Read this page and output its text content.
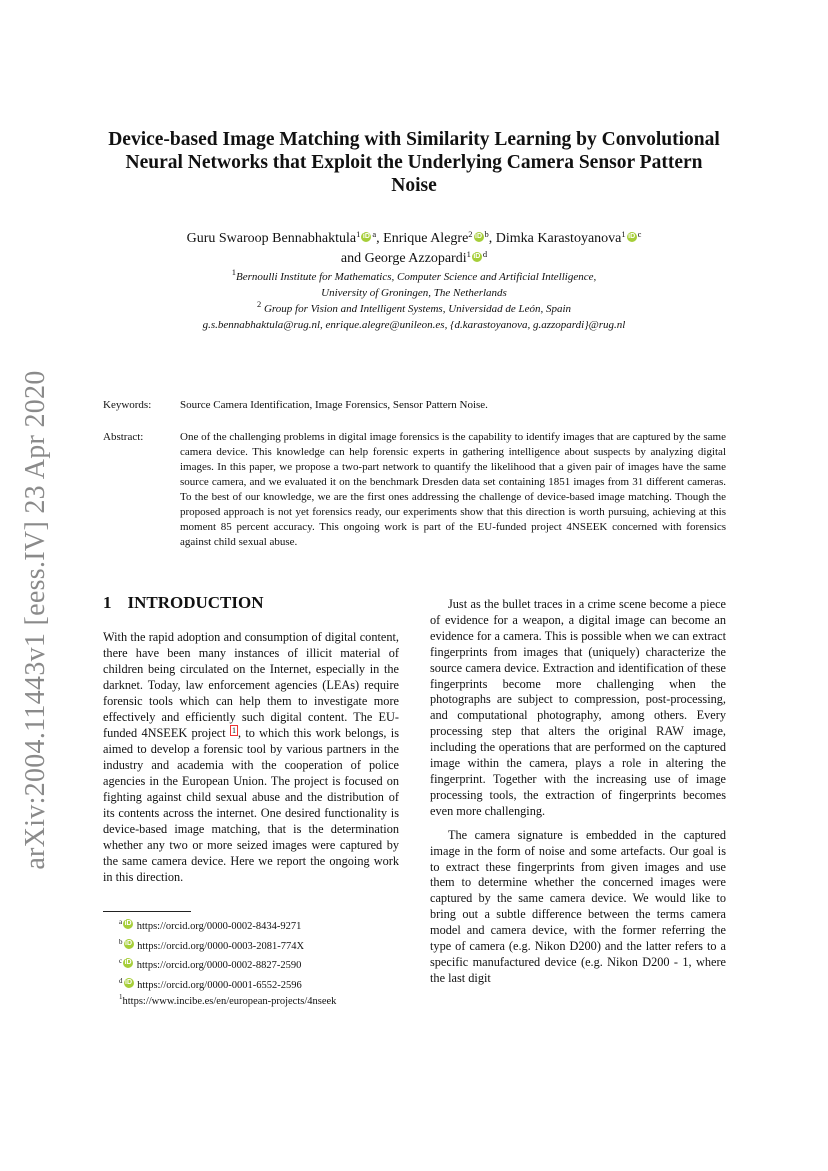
arXiv:2004.11443v1 [eess.IV] 23 Apr 2020
Device-based Image Matching with Similarity Learning by Convolutional
Neural Networks that Exploit the Underlying Camera Sensor Pattern
Noise
Guru Swaroop Bennabhaktula$^1$ iD $^a$, Enrique Alegre$^2$ iD $^b$, Dimka Karastoyanova$^1$ iD $^c$
and George Azzopardi$^1$ iD $^d$
$^1$Bernoulli Institute for Mathematics, Computer Science and Artificial Intelligence,
University of Groningen, The Netherlands
$^2$ Group for Vision and Intelligent Systems, Universidad de León, Spain
g.s.bennabhaktula@rug.nl, enrique.alegre@unileon.es, {d.karastoyanova, g.azzopardi}@rug.nl
Keywords:	Source Camera Identification, Image Forensics, Sensor Pattern Noise.
Abstract:	One of the challenging problems in digital image forensics is the capability to identify images that are captured by the same camera device. This knowledge can help forensic experts in gathering intelligence about suspects by analyzing digital images. In this paper, we propose a two-part network to quantify the likelihood that a given pair of images have the same source camera, and we evaluated it on the benchmark Dresden data set containing 1851 images from 31 different cameras. To the best of our knowledge, we are the first ones addressing the challenge of device-based image matching. Though the proposed approach is not yet forensics ready, our experiments show that this direction is worth pursuing, achieving at this moment 85 percent accuracy. This ongoing work is part of the EU-funded project 4NSEEK concerned with forensics against child sexual abuse.
1 INTRODUCTION

With the rapid adoption and consumption of digital content, there have been many instances of illicit material of children being circulated on the Internet, especially in the darknet. Today, law enforcement agencies (LEAs) require forensic tools which can help them to investigate more effectively and efficiently such digital content. The EU-funded 4NSEEK project 1 , to which this work belongs, is aimed to develop a forensic tool by various partners in the industry and academia with the cooperation of police agencies in the European Union. The project is focused on fighting against child sexual abuse and the distribution of its contents across the internet. One desired functionality is device-based image matching, that is the determination whether any two or more seized images were captured by the same camera device. Here we report the ongoing work in this direction.

Just as the bullet traces in a crime scene become a piece of evidence for a weapon, a digital image can become an evidence for a camera. This is possible when we can extract fingerprints from images that (uniquely) characterize the source camera device. Extraction and identification of these fingerprints become more challenging when the photographs are subject to compression, post-processing, and computational photography, among others. Every processing step that alters the original RAW image, including the operations that are performed on the captured image within the camera, plays a role in altering the fingerprint. Together with the increasing use of image processing tools, the extraction of fingerprints becomes even more challenging.

The camera signature is embedded in the captured image in the form of noise and some artefacts. Our goal is to extract these fingerprints from given images and use them to determine whether the concerned images were captured by the same camera device. We would like to bring out a subtle difference between the terms camera model and camera device, with the former referring the type of camera (e.g. Nikon D200) and the latter refers to a specific manufactured device (e.g. Nikon D200 - 1, where the last digit

$^a$ iD https://orcid.org/0000-0002-8434-9271
$^b$ iD https://orcid.org/0000-0003-2081-774X
$^c$ iD https://orcid.org/0000-0002-8827-2590
$^d$ iD https://orcid.org/0000-0001-6552-2596
$^1$https://www.incibe.es/en/european-projects/4nseek
